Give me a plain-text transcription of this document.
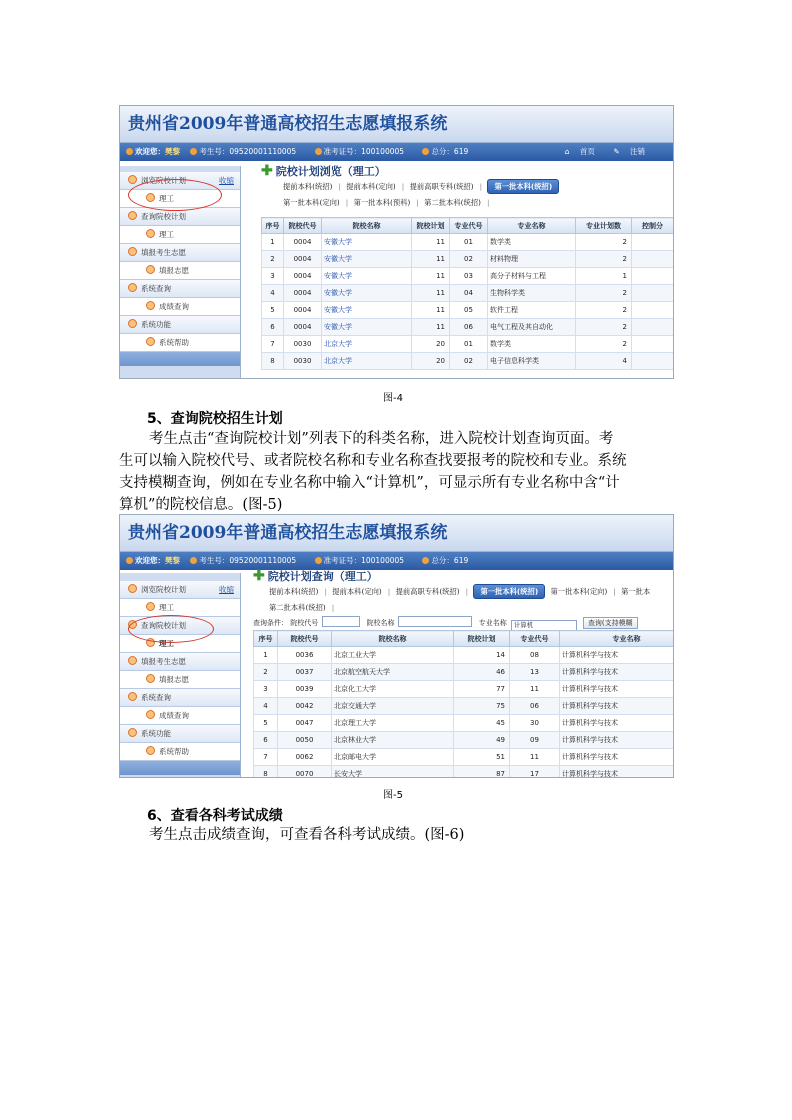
贵州省2009年普通高校招生志愿填报系统
欢迎您：樊黎	考生号：09520001110005	准考证号：100100005	总分：619	⌂ 首页 ✎ 注销
浏览院校计划	收缩
理工
查询院校计划
理工
填报考生志愿
填报志愿
系统查询
成绩查询
系统功能
系统帮助
✚ 院校计划浏览（理工）
提前本科(统招) | 提前本科(定向) | 提前高职专科(统招) | 第一批本科(统招)
第一批本科(定向) | 第一批本科(预科) | 第二批本科(统招) |
序号	院校代号	院校名称	院校计划	专业代号	专业名称	专业计划数	控制分
1	0004	安徽大学	11	01	数学类	2	
2	0004	安徽大学	11	02	材料物理	2	
3	0004	安徽大学	11	03	高分子材料与工程	1	
4	0004	安徽大学	11	04	生物科学类	2	
5	0004	安徽大学	11	05	软件工程	2	
6	0004	安徽大学	11	06	电气工程及其自动化	2	
7	0030	北京大学	20	01	数学类	2	
8	0030	北京大学	20	02	电子信息科学类	4	
图-4
5、查询院校招生计划
考生点击“查询院校计划”列表下的科类名称，进入院校计划查询页面。考
生可以输入院校代号、或者院校名称和专业名称查找要报考的院校和专业。系统
支持模糊查询，例如在专业名称中输入“计算机”，可显示所有专业名称中含“计
算机”的院校信息。(图-5)
贵州省2009年普通高校招生志愿填报系统
欢迎您：樊黎	考生号：09520001110005	准考证号：100100005	总分：619
浏览院校计划	收缩
理工
查询院校计划
理工
填报考生志愿
填报志愿
系统查询
成绩查询
系统功能
系统帮助
✚ 院校计划查询（理工）
提前本科(统招) | 提前本科(定向) | 提前高职专科(统招) | 第一批本科(统招) 第一批本科(定向) | 第一批本
第二批本科(统招) |
查询条件： 院校代号	院校名称	专业名称 计算机	查询(支持模糊
序号	院校代号	院校名称	院校计划	专业代号	专业名称
1	0036	北京工业大学	14	08	计算机科学与技术
2	0037	北京航空航天大学	46	13	计算机科学与技术
3	0039	北京化工大学	77	11	计算机科学与技术
4	0042	北京交通大学	75	06	计算机科学与技术
5	0047	北京理工大学	45	30	计算机科学与技术
6	0050	北京林业大学	49	09	计算机科学与技术
7	0062	北京邮电大学	51	11	计算机科学与技术
8	0070	长安大学	87	17	计算机科学与技术
图-5
6、查看各科考试成绩
考生点击成绩查询，可查看各科考试成绩。(图-6)
